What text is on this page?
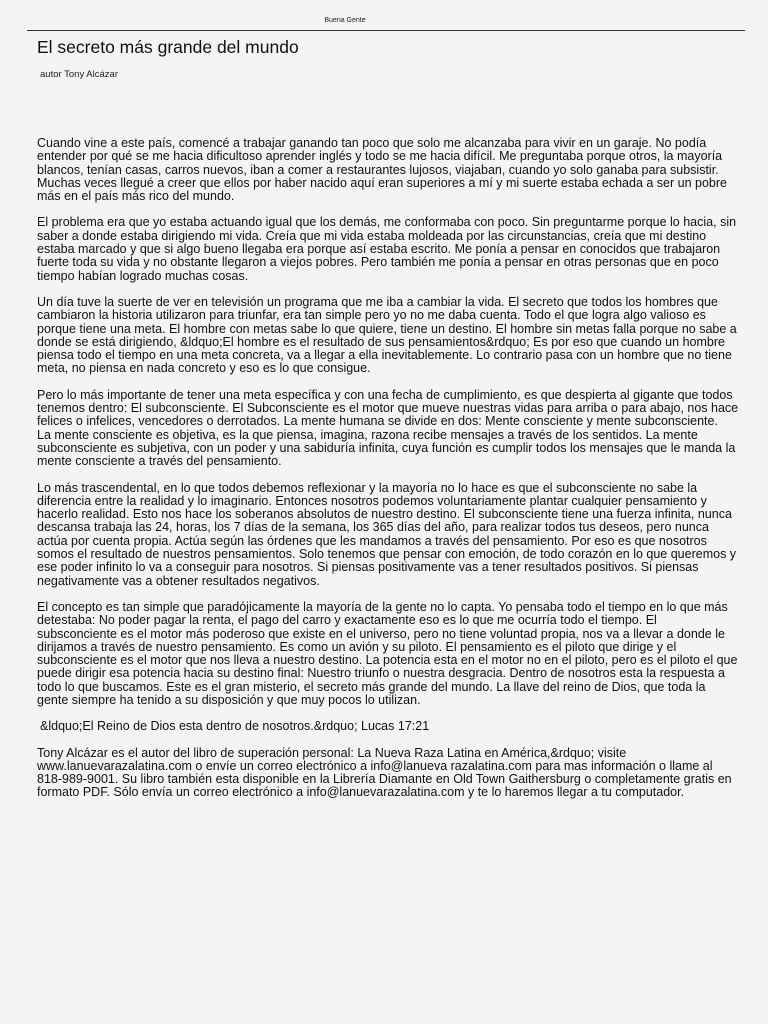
Buena Gente
El secreto más grande del mundo
autor Tony Alcázar

Cuando vine a este país, comencé a trabajar ganando tan poco que solo me alcanzaba para vivir en un garaje. No podía entender por qué se me hacia dificultoso aprender inglés y todo se me hacia difícil. Me preguntaba porque otros, la mayoría blancos, tenían casas, carros nuevos, iban a comer a restaurantes lujosos, viajaban, cuando yo solo ganaba para subsistir. Muchas veces llegué a creer que ellos por haber nacido aquí eran superiores a mí y mi suerte estaba echada a ser un pobre más en el país más rico del mundo.

El problema era que yo estaba actuando igual que los demás, me conformaba con poco. Sin preguntarme porque lo hacia, sin saber a donde estaba dirigiendo mi vida. Creía que mi vida estaba moldeada por las circunstancias, creía que mi destino estaba marcado y que si algo bueno llegaba era porque así estaba escrito. Me ponía a pensar en conocidos que trabajaron fuerte toda su vida y no obstante llegaron a viejos pobres. Pero también me ponía a pensar en otras personas que en poco tiempo habían logrado muchas cosas.

Un día tuve la suerte de ver en televisión un programa que me iba a cambiar la vida. El secreto que todos los hombres que cambiaron la historia utilizaron para triunfar, era tan simple pero yo no me daba cuenta. Todo el que logra algo valioso es porque tiene una meta. El hombre con metas sabe lo que quiere, tiene un destino. El hombre sin metas falla porque no sabe a donde se está dirigiendo, &ldquo;El hombre es el resultado de sus pensamientos&rdquo; Es por eso que cuando un hombre piensa todo el tiempo en una meta concreta, va a llegar a ella inevitablemente. Lo contrario pasa con un hombre que no tiene meta, no piensa en nada concreto y eso es lo que consigue.

Pero lo más importante de tener una meta específica y con una fecha de cumplimiento, es que despierta al gigante que todos tenemos dentro: El subconsciente. El Subconsciente es el motor que mueve nuestras vidas para arriba o para abajo, nos hace felices o infelices, vencedores o derrotados. La mente humana se divide en dos: Mente consciente y mente subconsciente.
La mente consciente es objetiva, es la que piensa, imagina, razona recibe mensajes a través de los sentidos. La mente subconsciente es subjetiva, con un poder y una sabiduría infinita, cuya función es cumplir todos los mensajes que le manda la mente consciente a través del pensamiento.

Lo más trascendental, en lo que todos debemos reflexionar y la mayoría no lo hace es que el subconsciente no sabe la diferencia entre la realidad y lo imaginario. Entonces nosotros podemos voluntariamente plantar cualquier pensamiento y hacerlo realidad. Esto nos hace los soberanos absolutos de nuestro destino. El subconsciente tiene una fuerza infinita, nunca descansa trabaja las 24, horas, los 7 días de la semana, los 365 días del año, para realizar todos tus deseos, pero nunca actúa por cuenta propia. Actúa según las órdenes que les mandamos a través del pensamiento. Por eso es que nosotros somos el resultado de nuestros pensamientos. Solo tenemos que pensar con emoción, de todo corazón en lo que queremos y ese poder infinito lo va a conseguir para nosotros. Si piensas positivamente vas a tener resultados positivos. Si piensas negativamente vas a obtener resultados negativos.

El concepto es tan simple que paradójicamente la mayoría de la gente no lo capta. Yo pensaba todo el tiempo en lo que más detestaba: No poder pagar la renta, el pago del carro y exactamente eso es lo que me ocurría todo el tiempo. El subsconciente es el motor más poderoso que existe en el universo, pero no tiene voluntad propia, nos va a llevar a donde le dirijamos a través de nuestro pensamiento. Es como un avión y su piloto. El pensamiento es el piloto que dirige y el subconsciente es el motor que nos lleva a nuestro destino. La potencia esta en el motor no en el piloto, pero es el piloto el que puede dirigir esa potencia hacia su destino final: Nuestro triunfo o nuestra desgracia. Dentro de nosotros esta la respuesta a todo lo que buscamos. Este es el gran misterio, el secreto más grande del mundo. La llave del reino de Dios, que toda la gente siempre ha tenido a su disposición y que muy pocos lo utilizan.

&ldquo;El Reino de Dios esta dentro de nosotros.&rdquo; Lucas 17:21

Tony Alcázar es el autor del libro de superación personal: La Nueva Raza Latina en América,&rdquo; visite www.lanuevarazalatina.com o envíe un correo electrónico a info@lanueva razalatina.com para mas información o llame al 818-989-9001. Su libro también esta disponible en la Librería Diamante en Old Town Gaithersburg o completamente gratis en formato PDF. Sólo envía un correo electrónico a info@lanuevarazalatina.com y te lo haremos llegar a tu computador.
